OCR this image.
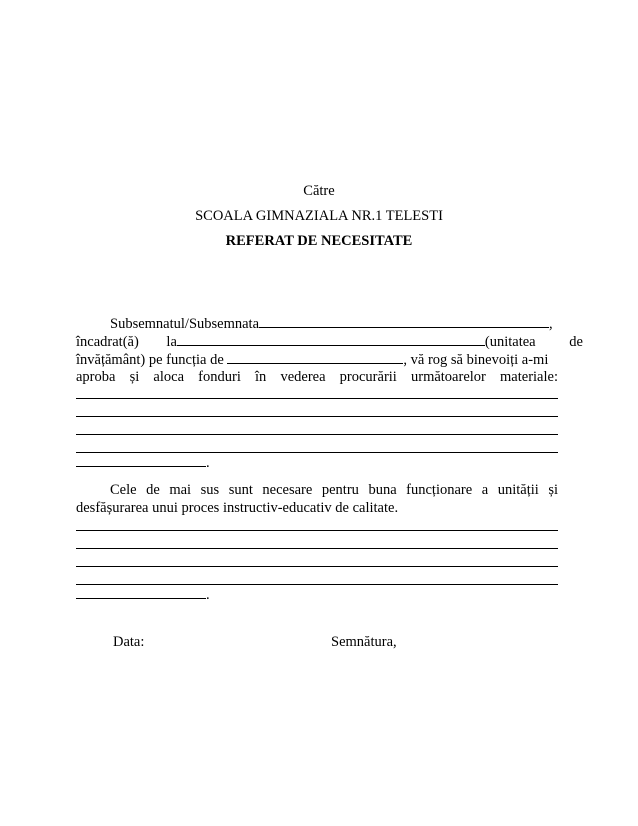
Către
SCOALA GIMNAZIALA NR.1 TELESTI
REFERAT DE NECESITATE
Subsemnatul/Subsemnata	,
încadrat(ă) la	(unitatea de
învățământ) pe funcția de	, vă rog să binevoiți a-mi
aproba și aloca fonduri în vederea procurării următoarelor materiale:
.
Cele de mai sus sunt necesare pentru buna funcționare a unității și
desfășurarea unui proces instructiv-educativ de calitate.
.
Data:	Semnătura,
